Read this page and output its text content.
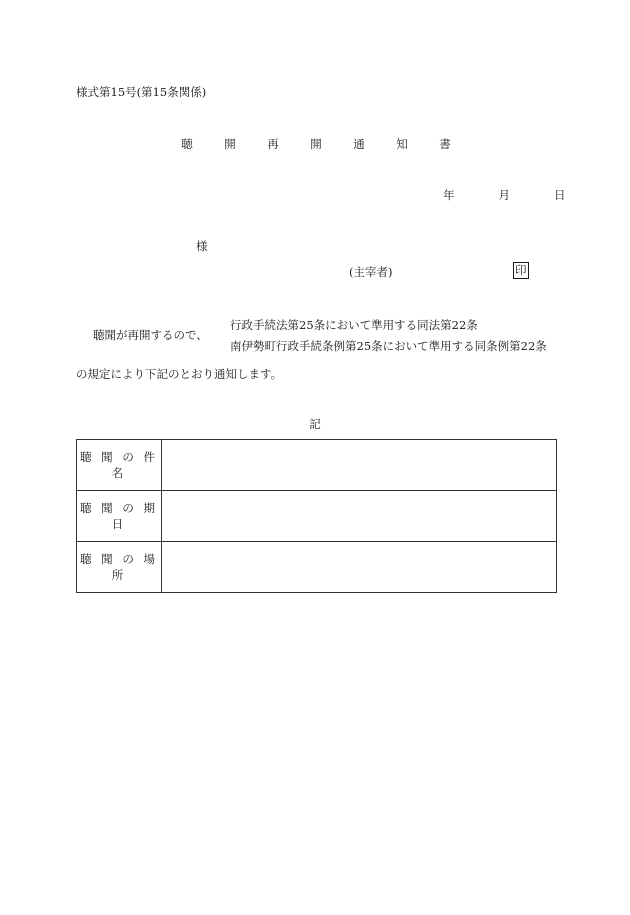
様式第15号(第15条関係)
聴　開　再　開　通　知　書
年	月	日
様
(主宰者)	印
聴聞が再開するので、
行政手続法第25条において準用する同法第22条
南伊勢町行政手続条例第25条において準用する同条例第22条
の規定により下記のとおり通知します。
記
聴 聞 の 件 名	
聴 聞 の 期 日	
聴 聞 の 場 所	
